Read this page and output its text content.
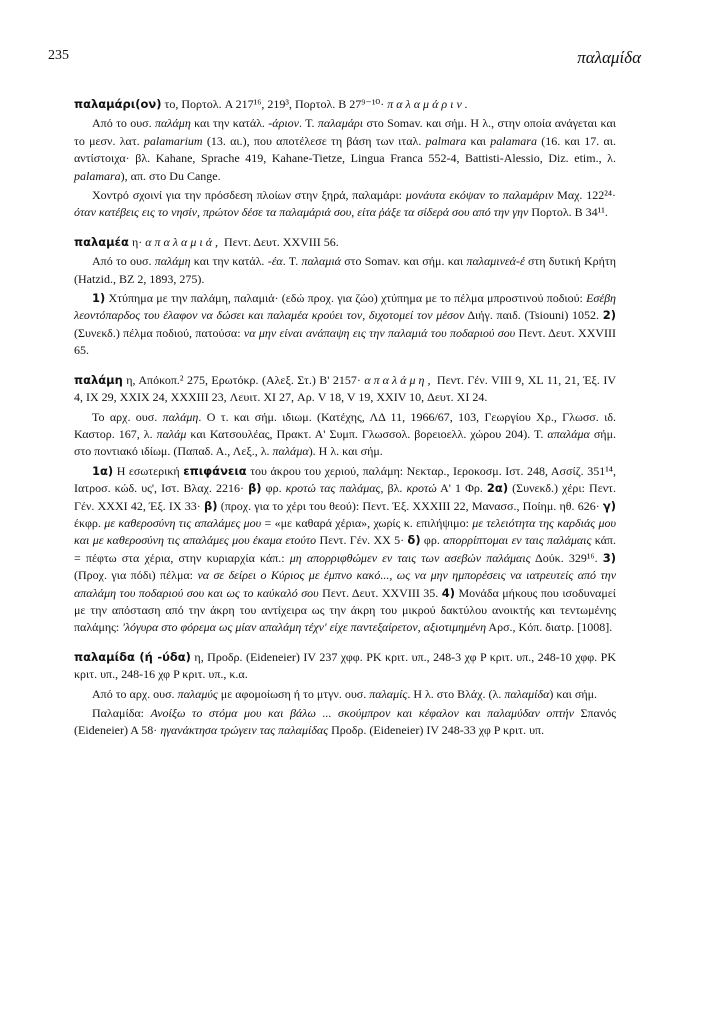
235	παλαμίδα

παλαμάρι(ον) το, Πορτολ. A 217¹⁶, 219³, Πορτολ. B 27⁹⁻¹⁰· παλαμάριν.

Από το ουσ. παλάμη και την κατάλ. -άριον. Τ. παλαμάρι στο Somav. και σήμ. Η λ., στην οποία ανάγεται και το μεσν. λατ. palamarium (13. αι.), που αποτέλεσε τη βάση των ιταλ. palmara και palamara (16. και 17. αι. αντίστοιχα· βλ. Kahane, Sprache 419, Kahane-Tietze, Lingua Franca 552-4, Battisti-Alessio, Diz. etim., λ. palamara), απ. στο Du Cange.

Χοντρό σχοινί για την πρόσδεση πλοίων στην ξηρά, παλαμάρι: μονάυτα εκόψαν το παλαμάριν Μαχ. 122²⁴· όταν κατέβεις εις το νησίν, πρώτον δέσε τα παλαμάριά σου, είτα ῥάξε τα σίδερά σου από την γην Πορτολ. B 34¹¹.

παλαμέα η· απαλαμιά, Πεντ. Δευτ. XXVIII 56.

Από το ουσ. παλάμη και την κατάλ. -έα. Τ. παλαμιά στο Somav. και σήμ. και παλαμινεά-έ στη δυτική Κρήτη (Hatzid., BZ 2, 1893, 275).

1) Χτύπημα με την παλάμη, παλαμιά· (εδώ προχ. για ζώο) χτύπημα με το πέλμα μπροστινού ποδιού: Εσέβη λεοντόπαρδος του έλαφον να δώσει και παλαμέα κρούει τον, διχοτομεί τον μέσον Διήγ. παιδ. (Tsiouni) 1052. 2) (Συνεκδ.) πέλμα ποδιού, πατούσα: να μην είναι ανάπαψη εις την παλαμιά του ποδαριού σου Πεντ. Δευτ. XXVIII 65.

παλάμη η, Απόκοπ.² 275, Ερωτόκρ. (Αλεξ. Στ.) Β' 2157· απαλάμη, Πεντ. Γέν. VIII 9, XL 11, 21, Έξ. IV 4, IX 29, XXIX 24, XXXIII 23, Λευιτ. XI 27, Αρ. V 18, V 19, XXIV 10, Δευτ. XI 24.

Το αρχ. ουσ. παλάμη. Ο τ. και σήμ. ιδιωμ. (Κατέχης, ΛΔ 11, 1966/67, 103, Γεωργίου Χρ., Γλωσσ. ιδ. Καστορ. 167, λ. παλάμ και Κατσουλέας, Πρακτ. Α' Συμπ. Γλωσσολ. βορειοελλ. χώρου 204). Τ. απαλάμα σήμ. στο ποντιακό ιδίωμ. (Παπαδ. Α., Λεξ., λ. παλάμα). Η λ. και σήμ.

1α) Η εσωτερική επιφάνεια του άκρου του χεριού, παλάμη: Νεκταρ., Ιεροκοσμ. Ιστ. 248, Ασσίζ. 351¹⁴, Ιατροσ. κώδ. υς', Ιστ. Βλαχ. 2216· β) φρ. κροτώ τας παλάμας, βλ. κροτώ Α' 1 Φρ. 2α) (Συνεκδ.) χέρι: Πεντ. Γέν. XXXI 42, Έξ. IX 33· β) (προχ. για το χέρι του θεού): Πεντ. Έξ. XXXIII 22, Μανασσ., Ποίημ. ηθ. 626· γ) έκφρ. με καθεροσύνη τις απαλάμες μου = «με καθαρά χέρια», χωρίς κ. επιλήψιμο: με τελειότητα της καρδιάς μου και με καθεροσύνη τις απαλάμες μου έκαμα ετούτο Πεντ. Γέν. XX 5· δ) φρ. απορρίπτομαι εν ταις παλάμαις κάπ. = πέφτω στα χέρια, στην κυριαρχία κάπ.: μη απορριφθώμεν εν ταις των ασεβών παλάμαις Δούκ. 329¹⁶. 3) (Προχ. για πόδι) πέλμα: να σε δείρει ο Κύριος με έμπνο κακό..., ως να μην ημπορέσεις να ιατρευτείς από την απαλάμη του ποδαριού σου και ως το καύκαλό σου Πεντ. Δευτ. XXVIII 35. 4) Μονάδα μήκους που ισοδυναμεί με την απόσταση από την άκρη του αντίχειρα ως την άκρη του μικρού δακτύλου ανοικτής και τεντωμένης παλάμης: 'λόγυρα στο φόρεμα ως μίαν απαλάμη τέχν' είχε παντεξαίρετον, αξιοτιμημένη Αρσ., Κόπ. διατρ. [1008].

παλαμίδα (ή -ύδα) η, Προδρ. (Eideneier) IV 237 χφφ. PK κριτ. υπ., 248-3 χφ P κριτ. υπ., 248-10 χφφ. PK κριτ. υπ., 248-16 χφ P κριτ. υπ., κ.α.

Από το αρχ. ουσ. παλαμύς με αφομοίωση ή το μτγν. ουσ. παλαμίς. Η λ. στο Βλάχ. (λ. παλαμίδα) και σήμ.

Παλαμίδα: Ανοίξω το στόμα μου και βάλω ... σκούμπρον και κέφαλον και παλαμύδαν οπτήν Σπανός (Eideneier) Α 58· ηγανάκτησα τρώγειν τας παλαμίδας Προδρ. (Eideneier) IV 248-33 χφ P κριτ. υπ.
